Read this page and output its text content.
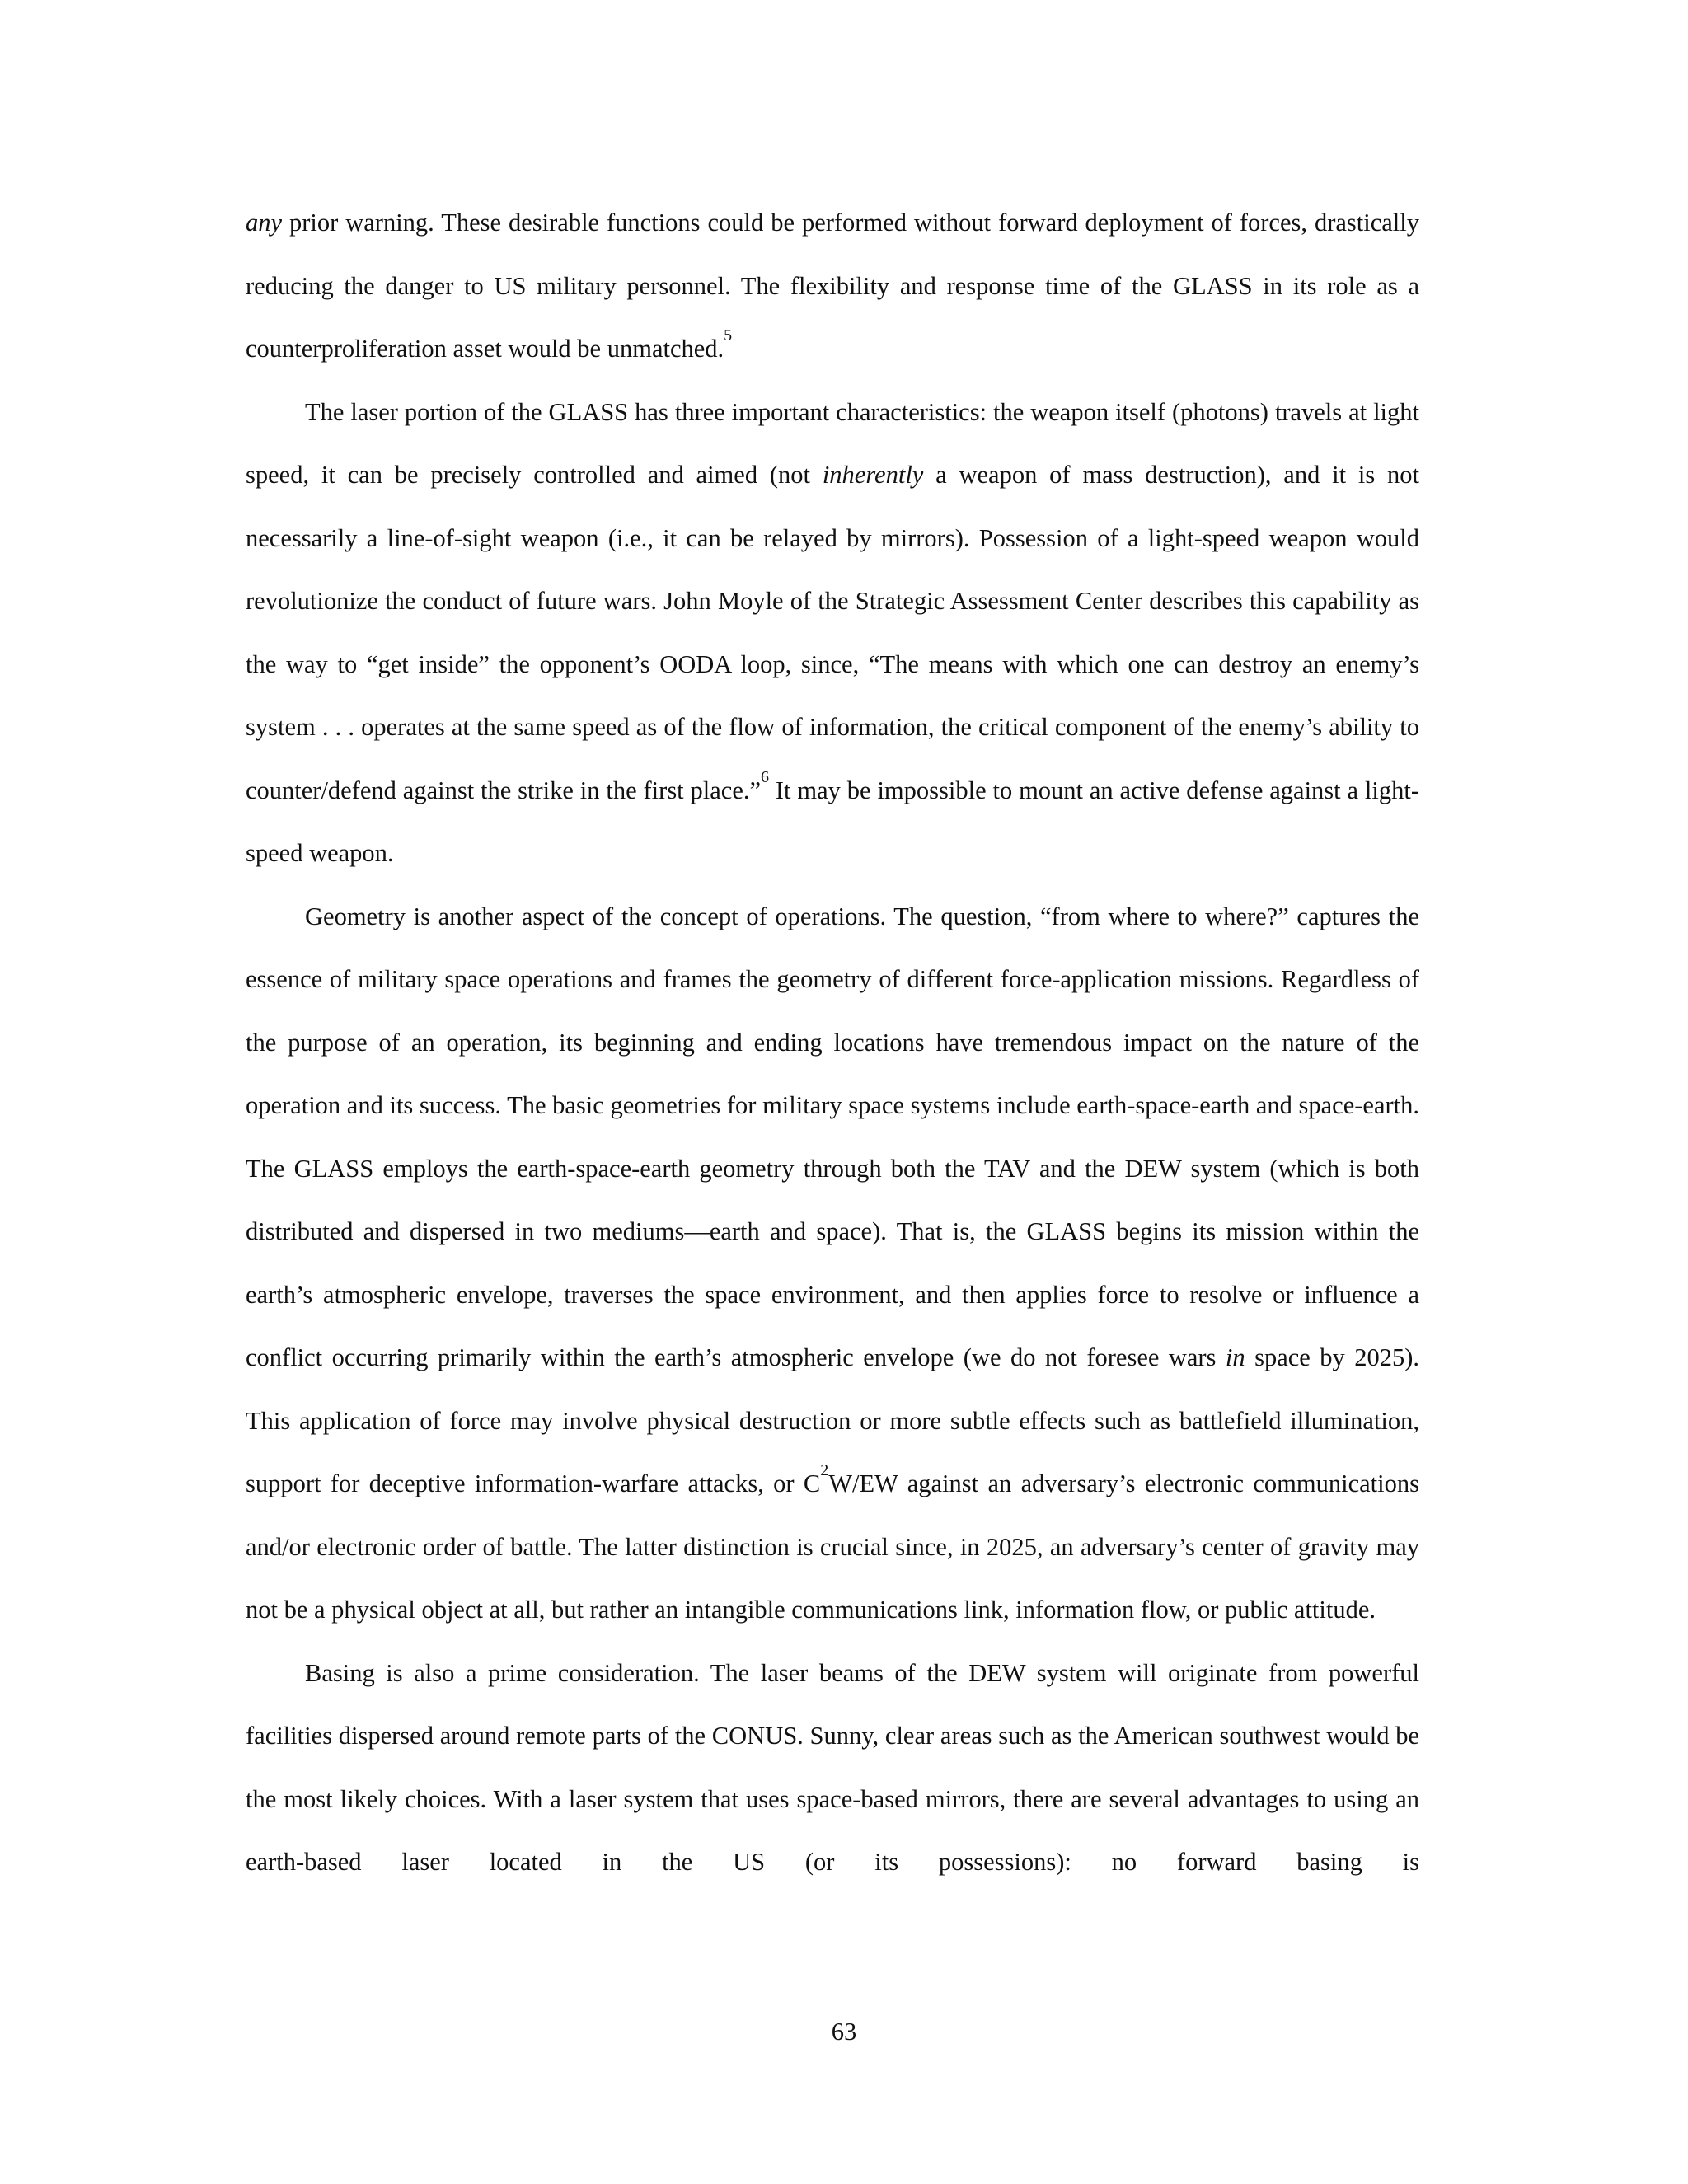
any prior warning. These desirable functions could be performed without forward deployment of forces, drastically reducing the danger to US military personnel. The flexibility and response time of the GLASS in its role as a counterproliferation asset would be unmatched.$^5$

The laser portion of the GLASS has three important characteristics: the weapon itself (photons) travels at light speed, it can be precisely controlled and aimed (not inherently a weapon of mass destruction), and it is not necessarily a line-of-sight weapon (i.e., it can be relayed by mirrors). Possession of a light-speed weapon would revolutionize the conduct of future wars. John Moyle of the Strategic Assessment Center describes this capability as the way to “get inside” the opponent’s OODA loop, since, “The means with which one can destroy an enemy’s system . . . operates at the same speed as of the flow of information, the critical component of the enemy’s ability to counter/defend against the strike in the first place.”$^6$ It may be impossible to mount an active defense against a light-speed weapon.

Geometry is another aspect of the concept of operations. The question, “from where to where?” captures the essence of military space operations and frames the geometry of different force-application missions. Regardless of the purpose of an operation, its beginning and ending locations have tremendous impact on the nature of the operation and its success. The basic geometries for military space systems include earth-space-earth and space-earth. The GLASS employs the earth-space-earth geometry through both the TAV and the DEW system (which is both distributed and dispersed in two mediums—earth and space). That is, the GLASS begins its mission within the earth’s atmospheric envelope, traverses the space environment, and then applies force to resolve or influence a conflict occurring primarily within the earth’s atmospheric envelope (we do not foresee wars in space by 2025). This application of force may involve physical destruction or more subtle effects such as battlefield illumination, support for deceptive information-warfare attacks, or $C^2W/EW$ against an adversary’s electronic communications and/or electronic order of battle. The latter distinction is crucial since, in 2025, an adversary’s center of gravity may not be a physical object at all, but rather an intangible communications link, information flow, or public attitude.

Basing is also a prime consideration. The laser beams of the DEW system will originate from powerful facilities dispersed around remote parts of the CONUS. Sunny, clear areas such as the American southwest would be the most likely choices. With a laser system that uses space-based mirrors, there are several advantages to using an earth-based laser located in the US (or its possessions): no forward basing is

63
